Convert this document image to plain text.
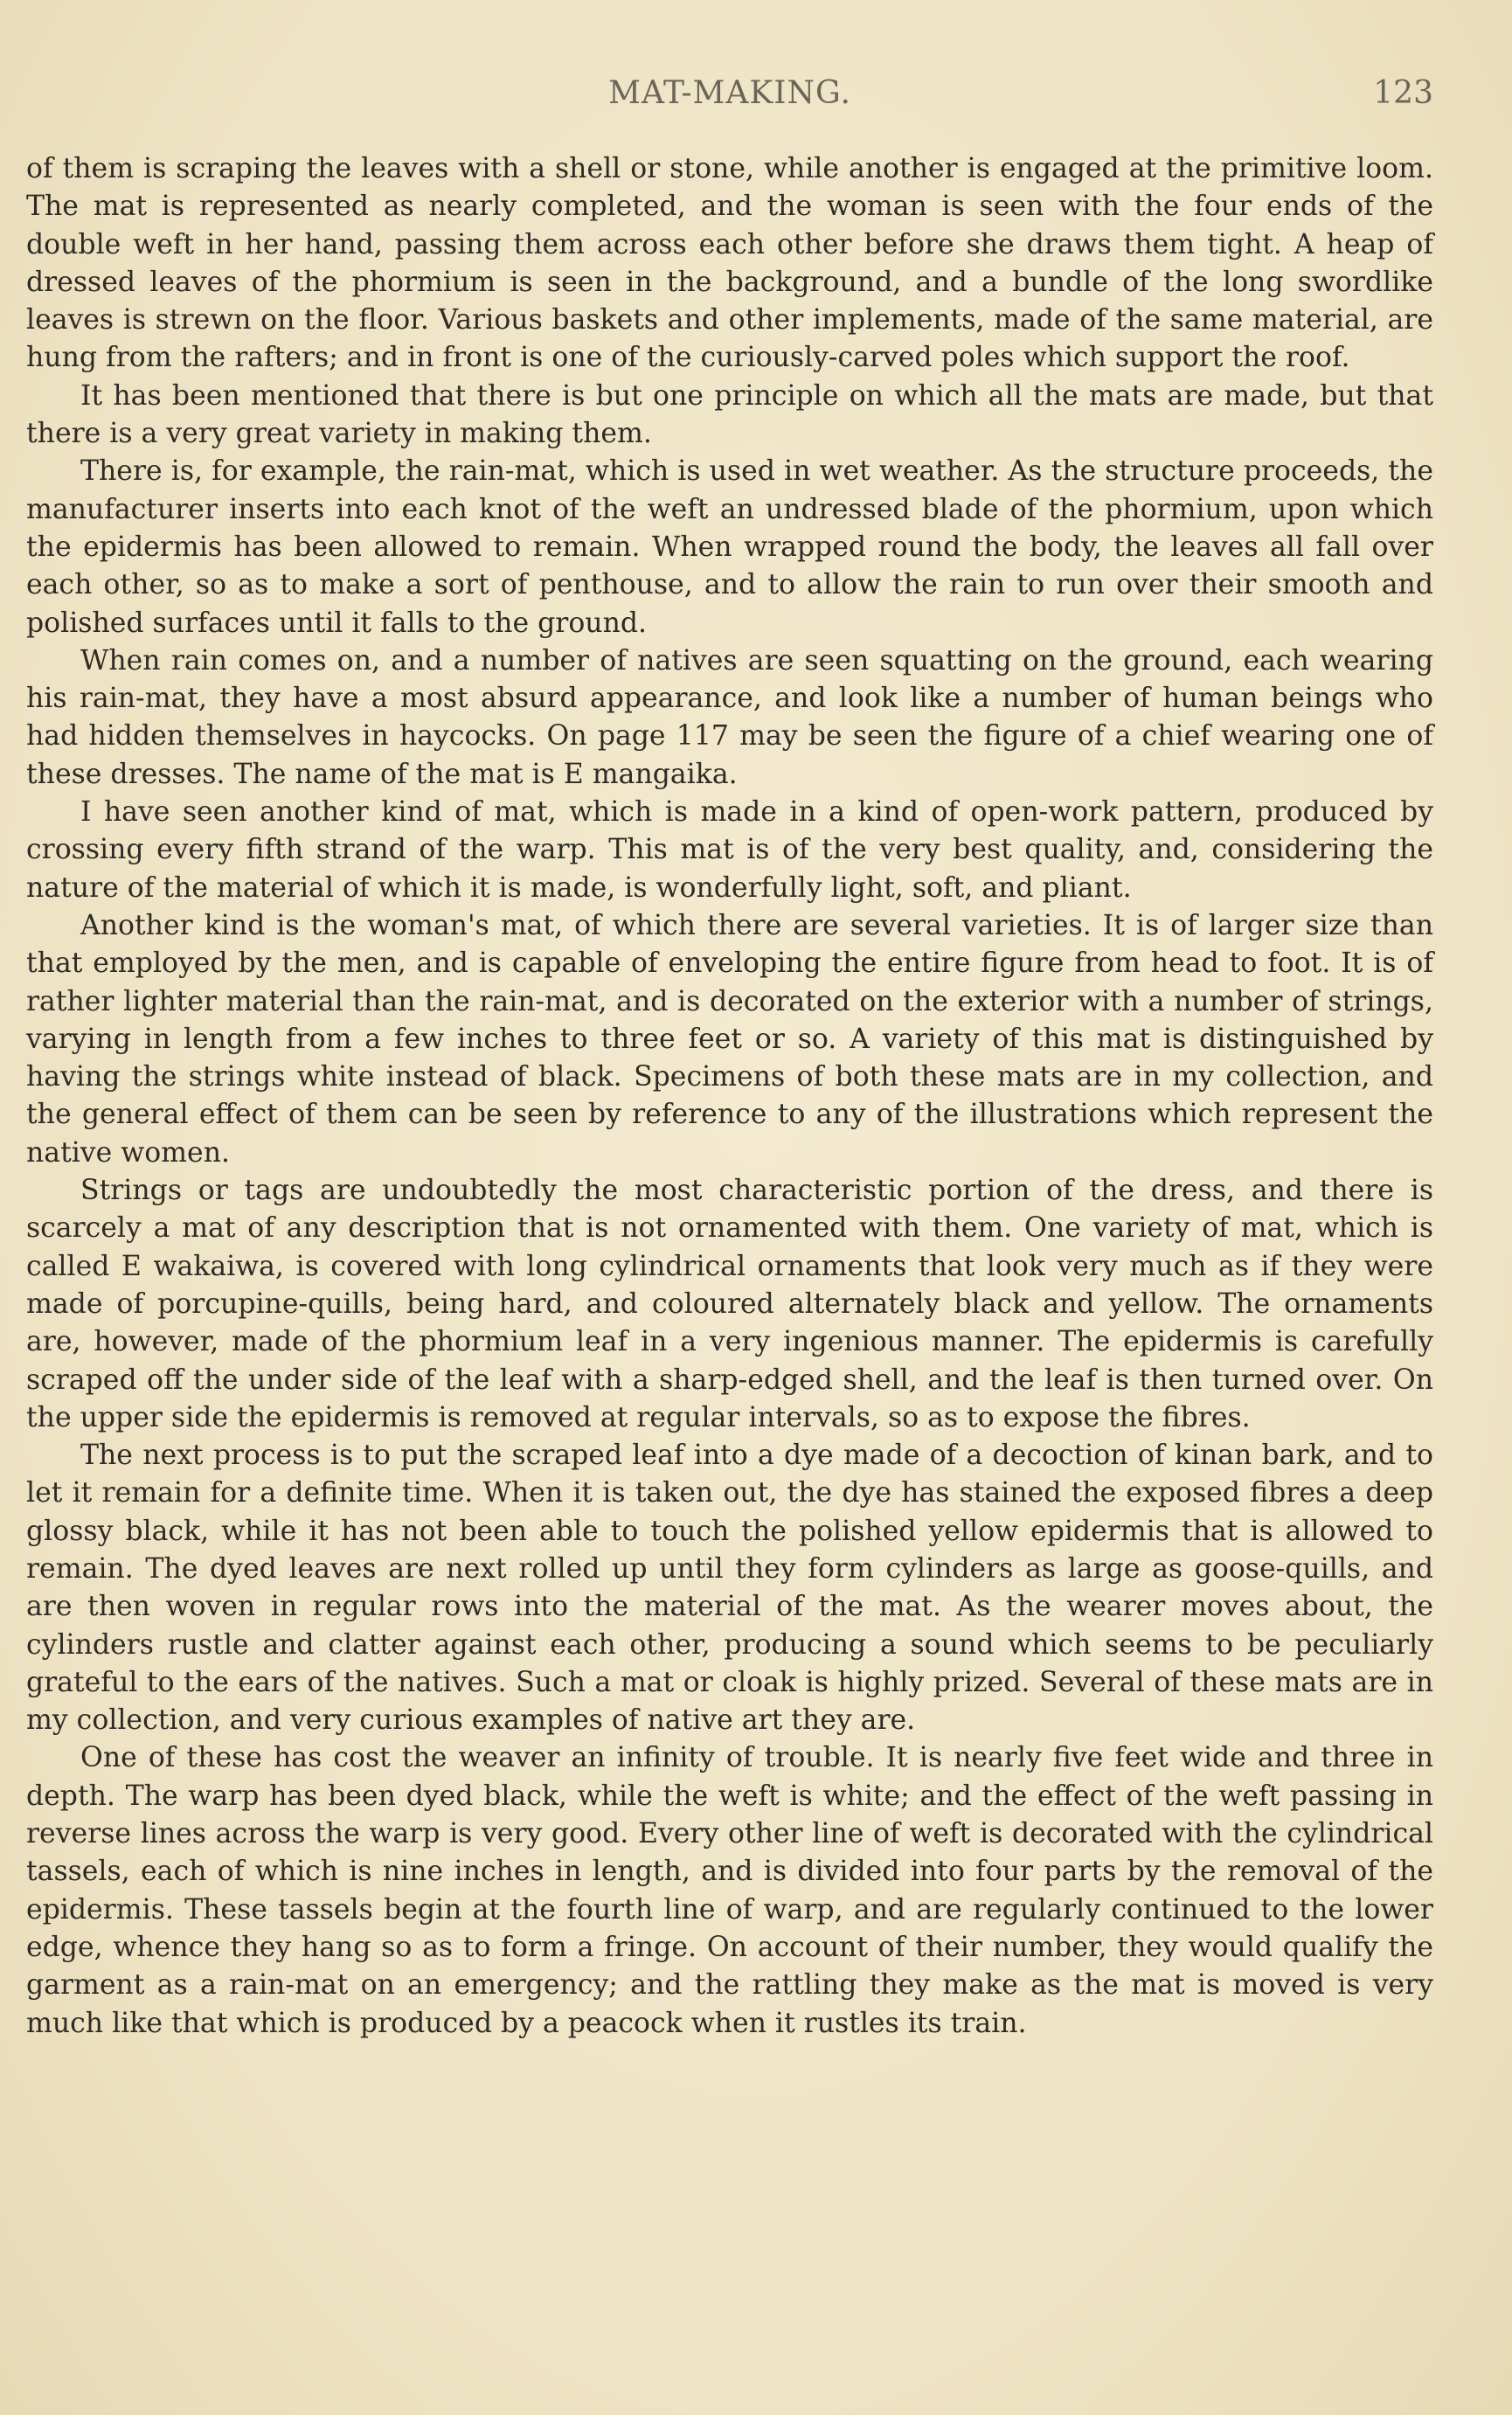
MAT-MAKING.	123

of them is scraping the leaves with a shell or stone, while another is engaged at the primitive loom. The mat is represented as nearly completed, and the woman is seen with the four ends of the double weft in her hand, passing them across each other before she draws them tight. A heap of dressed leaves of the phormium is seen in the background, and a bundle of the long swordlike leaves is strewn on the floor. Various baskets and other implements, made of the same material, are hung from the rafters; and in front is one of the curiously-carved poles which support the roof.

It has been mentioned that there is but one principle on which all the mats are made, but that there is a very great variety in making them.

There is, for example, the rain-mat, which is used in wet weather. As the structure proceeds, the manufacturer inserts into each knot of the weft an undressed blade of the phormium, upon which the epidermis has been allowed to remain. When wrapped round the body, the leaves all fall over each other, so as to make a sort of penthouse, and to allow the rain to run over their smooth and polished surfaces until it falls to the ground.

When rain comes on, and a number of natives are seen squatting on the ground, each wearing his rain-mat, they have a most absurd appearance, and look like a number of human beings who had hidden themselves in haycocks. On page 117 may be seen the figure of a chief wearing one of these dresses. The name of the mat is E mangaika.

I have seen another kind of mat, which is made in a kind of open-work pattern, produced by crossing every fifth strand of the warp. This mat is of the very best quality, and, considering the nature of the material of which it is made, is wonderfully light, soft, and pliant.

Another kind is the woman's mat, of which there are several varieties. It is of larger size than that employed by the men, and is capable of enveloping the entire figure from head to foot. It is of rather lighter material than the rain-mat, and is decorated on the exterior with a number of strings, varying in length from a few inches to three feet or so. A variety of this mat is distinguished by having the strings white instead of black. Specimens of both these mats are in my collection, and the general effect of them can be seen by reference to any of the illustrations which represent the native women.

Strings or tags are undoubtedly the most characteristic portion of the dress, and there is scarcely a mat of any description that is not ornamented with them. One variety of mat, which is called E wakaiwa, is covered with long cylindrical ornaments that look very much as if they were made of porcupine-quills, being hard, and coloured alternately black and yellow. The ornaments are, however, made of the phormium leaf in a very ingenious manner. The epidermis is carefully scraped off the under side of the leaf with a sharp-edged shell, and the leaf is then turned over. On the upper side the epidermis is removed at regular intervals, so as to expose the fibres.

The next process is to put the scraped leaf into a dye made of a decoction of kinan bark, and to let it remain for a definite time. When it is taken out, the dye has stained the exposed fibres a deep glossy black, while it has not been able to touch the polished yellow epidermis that is allowed to remain. The dyed leaves are next rolled up until they form cylinders as large as goose-quills, and are then woven in regular rows into the material of the mat. As the wearer moves about, the cylinders rustle and clatter against each other, producing a sound which seems to be peculiarly grateful to the ears of the natives. Such a mat or cloak is highly prized. Several of these mats are in my collection, and very curious examples of native art they are.

One of these has cost the weaver an infinity of trouble. It is nearly five feet wide and three in depth. The warp has been dyed black, while the weft is white; and the effect of the weft passing in reverse lines across the warp is very good. Every other line of weft is decorated with the cylindrical tassels, each of which is nine inches in length, and is divided into four parts by the removal of the epidermis. These tassels begin at the fourth line of warp, and are regularly continued to the lower edge, whence they hang so as to form a fringe. On account of their number, they would qualify the garment as a rain-mat on an emergency; and the rattling they make as the mat is moved is very much like that which is produced by a peacock when it rustles its train.
